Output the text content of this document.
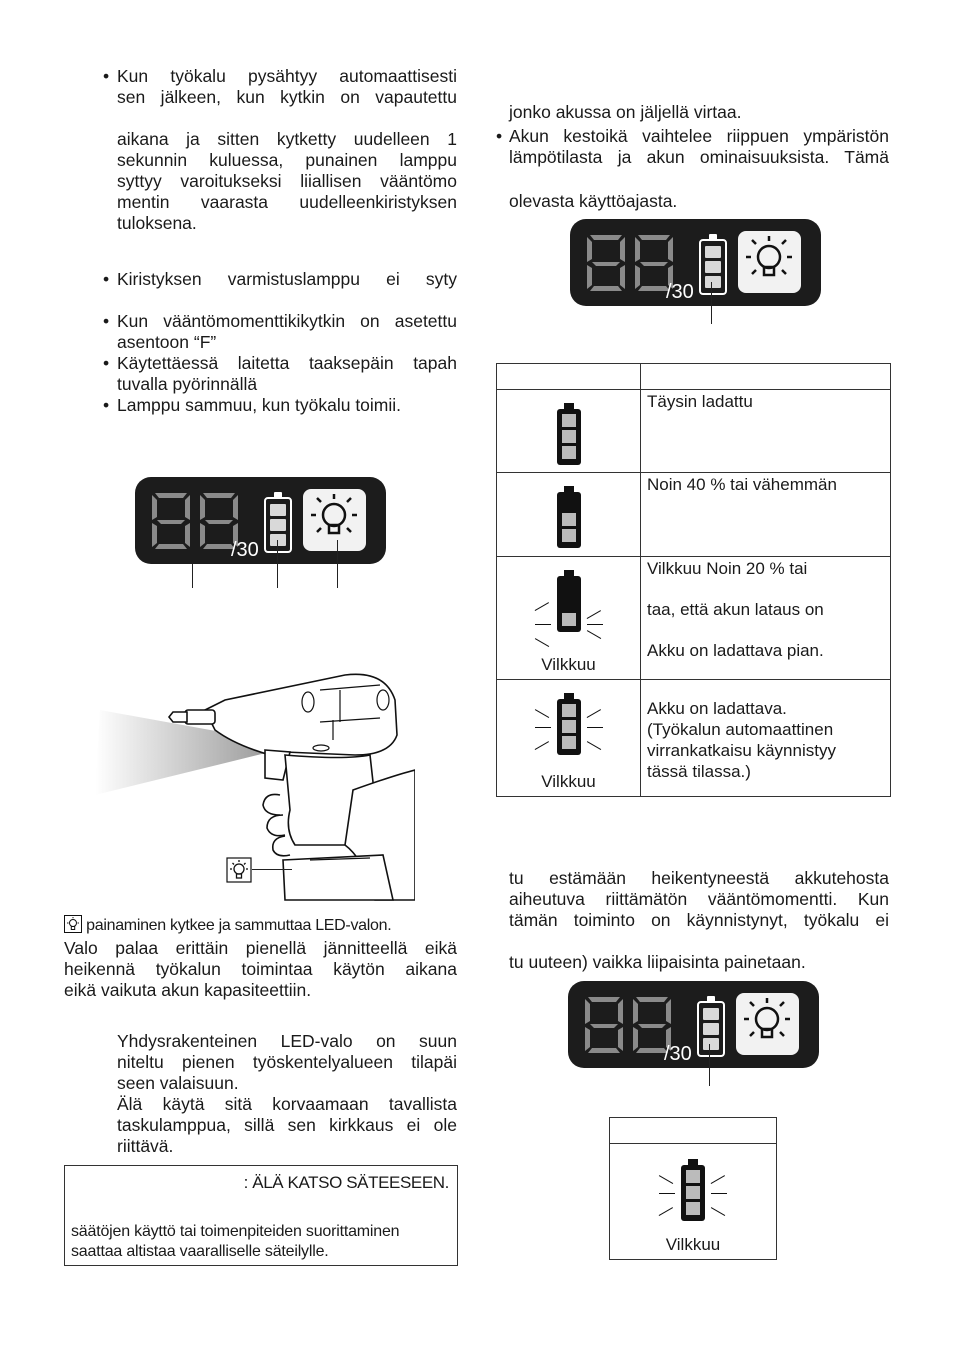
• Kun työkalu pysähtyy automaattisesti
sen jälkeen, kun kytkin on vapautettu
aikana ja sitten kytketty uudelleen 1
sekunnin kuluessa, punainen lamppu
syttyy varoitukseksi liiallisen vääntömo
mentin vaarasta uudelleenkiristyksen
tuloksena.
• Kiristyksen varmistuslamppu ei syty
• Kun vääntömomenttikikytkin on asetettu
asentoon “F”
• Käytettäessä laitetta taaksepäin tapah
tuvalla pyörinnällä
• Lamppu sammuu, kun työkalu toimii.
/30
painaminen kytkee ja sammuttaa LED-valon.
Valo palaa erittäin pienellä jännitteellä eikä
heikennä työkalun toimintaa käytön aikana
eikä vaikuta akun kapasiteettiin.
Yhdysrakenteinen LED-valo on suun
niteltu pienen työskentelyalueen tilapäi
seen valaisuun.
Älä käytä sitä korvaamaan tavallista
taskulamppua, sillä sen kirkkaus ei ole
riittävä.
: ÄLÄ KATSO SÄTEESEEN.
säätöjen käyttö tai toimenpiteiden suorittaminen
saattaa altistaa vaaralliselle säteilylle.
jonko akussa on jäljellä virtaa.
• Akun kestoikä vaihtelee riippuen ympäristön
lämpötilasta ja akun ominaisuuksista. Tämä
olevasta käyttöajasta.
/30

	Täysin ladattu

	Noin 40 % tai vähemmän

Vilkkuu	Vilkkuu Noin 20 % tai
taa, että akun lataus on
Akku on ladattava pian.

Vilkkuu	Akku on ladattava.
(Työkalun automaattinen
virrankatkaisu käynnistyy
tässä tilassa.)
tu estämään heikentyneestä akkutehosta
aiheutuva riittämätön vääntömomentti. Kun
tämän toiminto on käynnistynyt, työkalu ei
tu uuteen) vaikka liipaisinta painetaan.
/30

Vilkkuu
